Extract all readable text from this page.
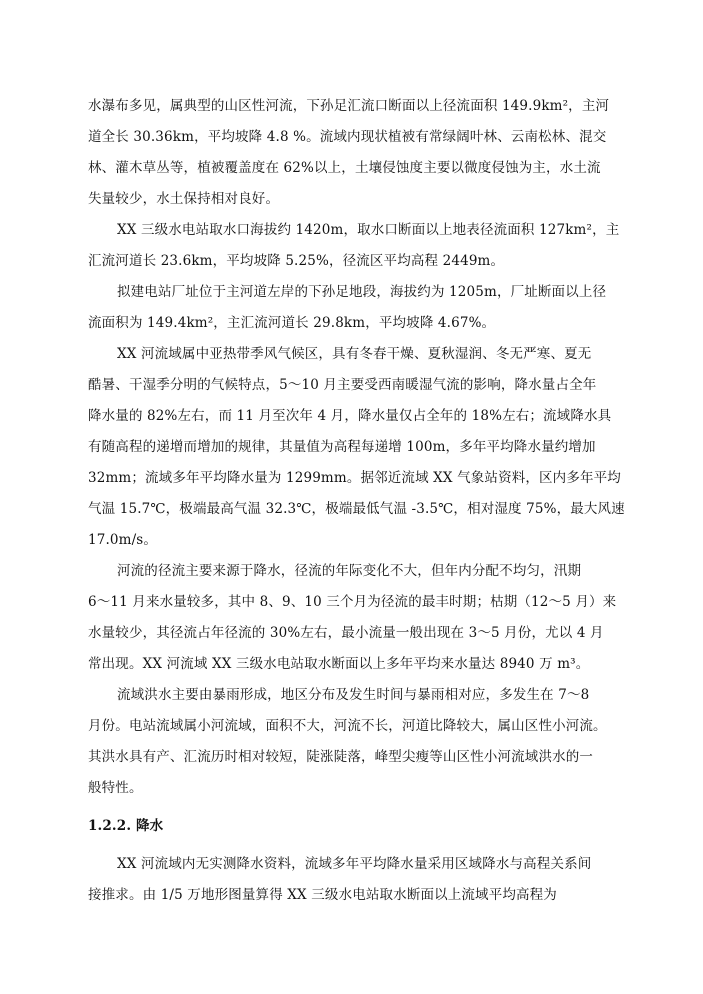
水瀑布多见，属典型的山区性河流，下孙足汇流口断面以上径流面积 149.9km²，主河
道全长 30.36km，平均坡降 4.8 %。流域内现状植被有常绿阔叶林、云南松林、混交
林、灌木草丛等，植被覆盖度在 62%以上，土壤侵蚀度主要以微度侵蚀为主，水土流
失量较少，水土保持相对良好。
XX 三级水电站取水口海拔约 1420m，取水口断面以上地表径流面积 127km²，主
汇流河道长 23.6km，平均坡降 5.25%，径流区平均高程 2449m。
拟建电站厂址位于主河道左岸的下孙足地段，海拔约为 1205m，厂址断面以上径
流面积为 149.4km²，主汇流河道长 29.8km，平均坡降 4.67%。
XX 河流域属中亚热带季风气候区，具有冬春干燥、夏秋湿润、冬无严寒、夏无
酷暑、干湿季分明的气候特点，5～10 月主要受西南暖湿气流的影响，降水量占全年
降水量的 82%左右，而 11 月至次年 4 月，降水量仅占全年的 18%左右；流域降水具
有随高程的递增而增加的规律，其量值为高程每递增 100m，多年平均降水量约增加
32mm；流域多年平均降水量为 1299mm。据邻近流域 XX 气象站资料，区内多年平均
气温 15.7℃，极端最高气温 32.3℃，极端最低气温 -3.5℃，相对湿度 75%，最大风速
17.0m/s。
河流的径流主要来源于降水，径流的年际变化不大，但年内分配不均匀，汛期
6～11 月来水量较多，其中 8、9、10 三个月为径流的最丰时期；枯期（12～5 月）来
水量较少，其径流占年径流的 30%左右，最小流量一般出现在 3～5 月份，尤以 4 月
常出现。XX 河流域 XX 三级水电站取水断面以上多年平均来水量达 8940 万 m³。
流域洪水主要由暴雨形成，地区分布及发生时间与暴雨相对应，多发生在 7～8
月份。电站流域属小河流域，面积不大，河流不长，河道比降较大，属山区性小河流。
其洪水具有产、汇流历时相对较短，陡涨陡落，峰型尖瘦等山区性小河流域洪水的一
般特性。
1.2.2. 降水
XX 河流域内无实测降水资料，流域多年平均降水量采用区域降水与高程关系间
接推求。由 1/5 万地形图量算得 XX 三级水电站取水断面以上流域平均高程为
